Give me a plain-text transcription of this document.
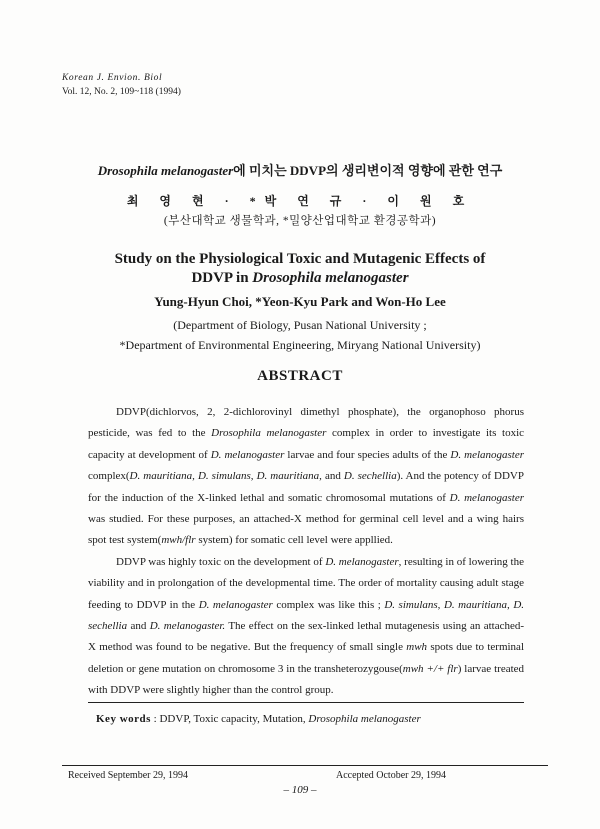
Korean J. Envion. Biol
Vol. 12, No. 2, 109~118 (1994)
Drosophila melanogaster에 미치는 DDVP의 생리변이적 영향에 관한 연구
최 영 현 · *박 연 규 · 이 원 호
(부산대학교 생물학과, *밀양산업대학교 환경공학과)
Study on the Physiological Toxic and Mutagenic Effects of
DDVP in Drosophila melanogaster
Yung-Hyun Choi, *Yeon-Kyu Park and Won-Ho Lee
(Department of Biology, Pusan National University ;
*Department of Environmental Engineering, Miryang National University)
ABSTRACT

DDVP(dichlorvos, 2, 2-dichlorovinyl dimethyl phosphate), the organophoso phorus pesticide, was fed to the Drosophila melanogaster complex in order to investigate its toxic capacity at development of D. melanogaster larvae and four species adults of the D. melanogaster complex(D. mauritiana, D. simulans, D. mauritiana, and D. sechellia). And the potency of DDVP for the induction of the X-linked lethal and somatic chromosomal mutations of D. melanogaster was studied. For these purposes, an attached-X method for germinal cell level and a wing hairs spot test system(mwh/flr system) for somatic cell level were appllied.

DDVP was highly toxic on the development of D. melanogaster, resulting in of lowering the viability and in prolongation of the developmental time. The order of mortality causing adult stage feeding to DDVP in the D. melanogaster complex was like this ; D. simulans, D. mauritiana, D. sechellia and D. melanogaster. The effect on the sex-linked lethal mutagenesis using an attached-X method was found to be negative. But the frequency of small single mwh spots due to terminal deletion or gene mutation on chromosome 3 in the transheterozygouse(mwh +/+ flr) larvae treated with DDVP were slightly higher than the control group.

Key words : DDVP, Toxic capacity, Mutation, Drosophila melanogaster
Received September 29, 1994	Accepted October 29, 1994
– 109 –
